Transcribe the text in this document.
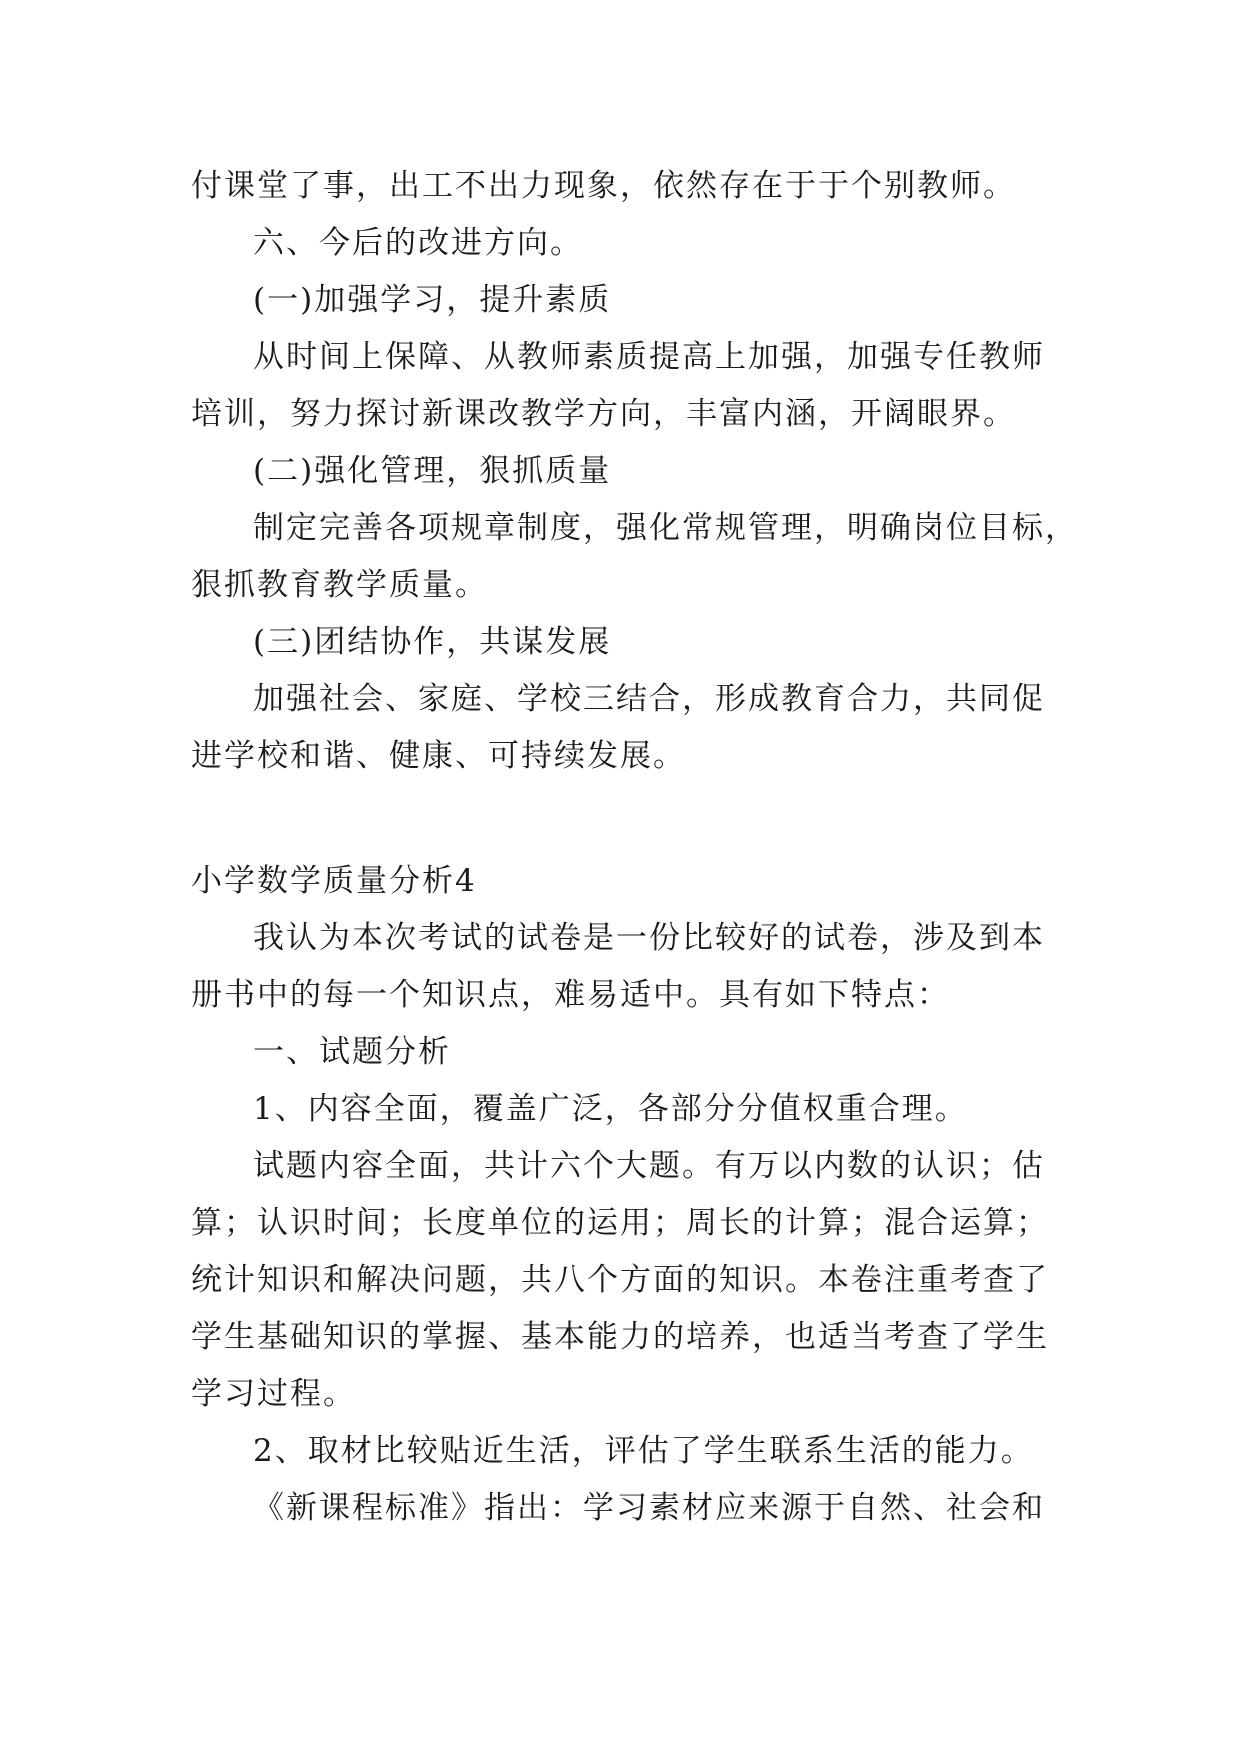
付课堂了事，出工不出力现象，依然存在于于个别教师。
六、今后的改进方向。
(一)加强学习，提升素质
从时间上保障、从教师素质提高上加强，加强专任教师
培训，努力探讨新课改教学方向，丰富内涵，开阔眼界。
(二)强化管理，狠抓质量
制定完善各项规章制度，强化常规管理，明确岗位目标，
狠抓教育教学质量。
(三)团结协作，共谋发展
加强社会、家庭、学校三结合，形成教育合力，共同促
进学校和谐、健康、可持续发展。
小学数学质量分析4
我认为本次考试的试卷是一份比较好的试卷，涉及到本
册书中的每一个知识点，难易适中。具有如下特点：
一、试题分析
1、内容全面，覆盖广泛，各部分分值权重合理。
试题内容全面，共计六个大题。有万以内数的认识；估
算；认识时间；长度单位的运用；周长的计算；混合运算；
统计知识和解决问题，共八个方面的知识。本卷注重考查了
学生基础知识的掌握、基本能力的培养，也适当考查了学生
学习过程。
2、取材比较贴近生活，评估了学生联系生活的能力。
《新课程标准》指出：学习素材应来源于自然、社会和
